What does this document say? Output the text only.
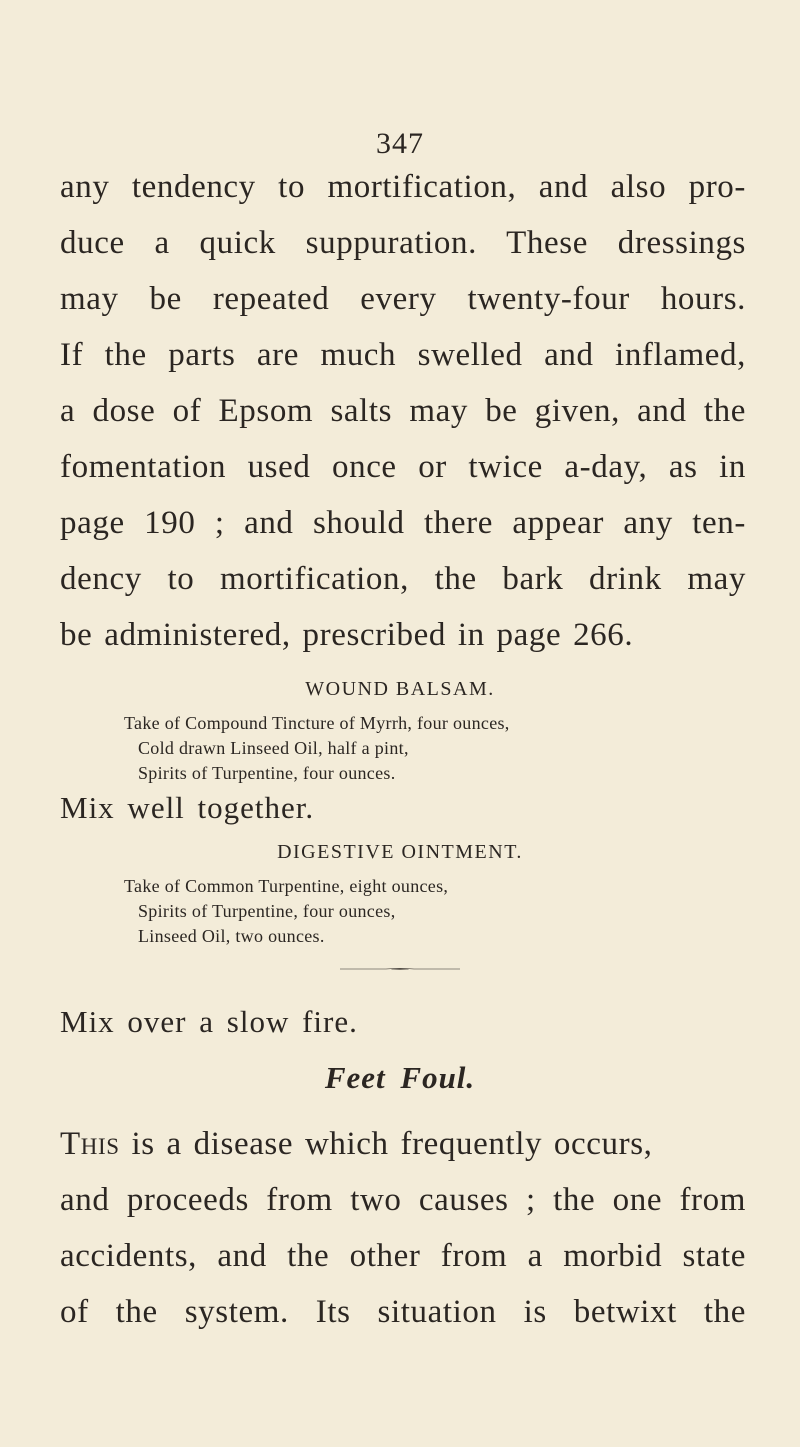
347
any tendency to mortification, and also pro-
duce a quick suppuration. These dressings
may be repeated every twenty-four hours.
If the parts are much swelled and inflamed,
a dose of Epsom salts may be given, and the
fomentation used once or twice a-day, as in
page 190 ; and should there appear any ten-
dency to mortification, the bark drink may
be administered, prescribed in page 266.
WOUND BALSAM.
Take of Compound Tincture of Myrrh, four ounces,
Cold drawn Linseed Oil, half a pint,
Spirits of Turpentine, four ounces.
Mix well together.
DIGESTIVE OINTMENT.
Take of Common Turpentine, eight ounces,
Spirits of Turpentine, four ounces,
Linseed Oil, two ounces.
Mix over a slow fire.
Feet Foul.
This is a disease which frequently occurs,
and proceeds from two causes ; the one from
accidents, and the other from a morbid state
of the system. Its situation is betwixt the
